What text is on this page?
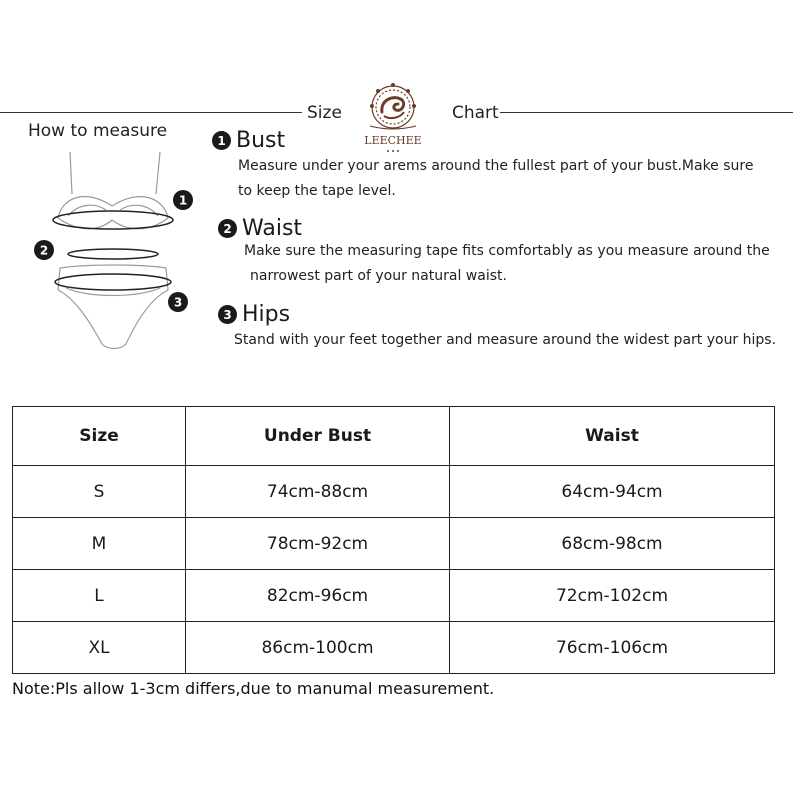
Size	Chart
LEECHEE
How to measure
1
2
3
1 Bust
Measure under your arems around the fullest part of your bust.Make sure
to keep the tape level.
2 Waist
Make sure the measuring tape fits comfortably as you measure around the
narrowest part of your natural waist.
3 Hips
Stand with your feet together and measure around the widest part your hips.
Size	Under Bust	Waist
S	74cm-88cm	64cm-94cm
M	78cm-92cm	68cm-98cm
L	82cm-96cm	72cm-102cm
XL	86cm-100cm	76cm-106cm
Note:Pls allow 1-3cm differs,due to manumal measurement.
